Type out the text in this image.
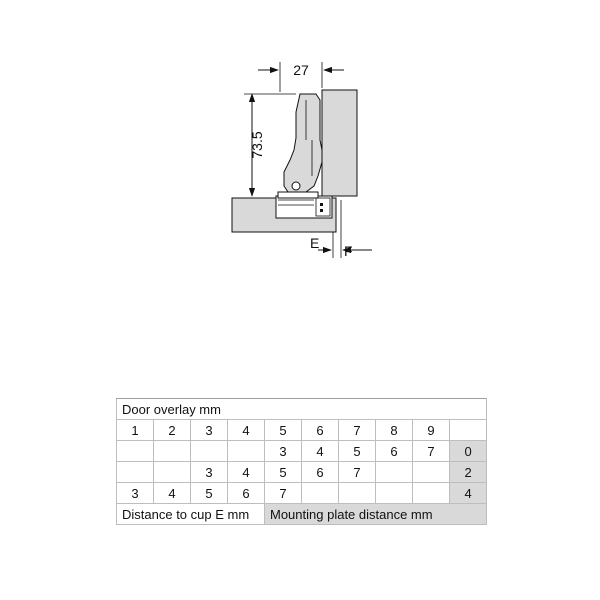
27
73.5
E F
Door overlay mm									
1	2	3	4	5	6	7	8	9	
				3	4	5	6	7	0
		3	4	5	6	7			2
3	4	5	6	7					4
Distance to cup E mm				Mounting plate distance mm					
